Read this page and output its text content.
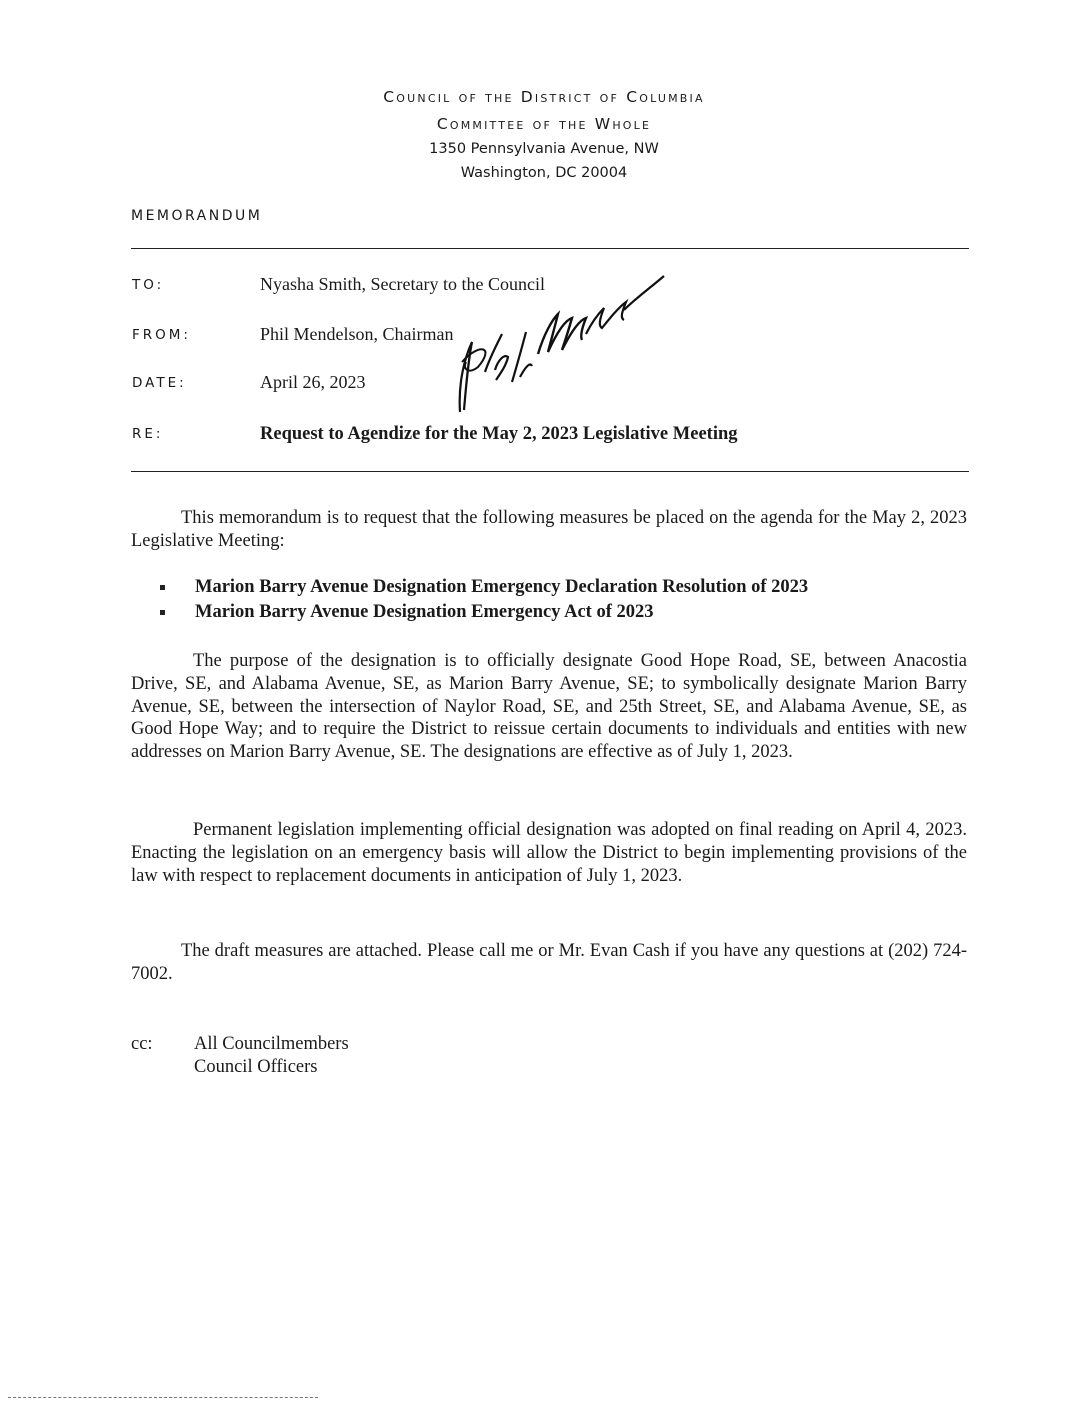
Council of the District of Columbia
Committee of the Whole
1350 Pennsylvania Avenue, NW
Washington, DC 20004
MEMORANDUM
TO:	Nyasha Smith, Secretary to the Council
FROM:	Phil Mendelson, Chairman
DATE:	April 26, 2023
RE:	Request to Agendize for the May 2, 2023 Legislative Meeting
This memorandum is to request that the following measures be placed on the agenda for the May 2, 2023 Legislative Meeting:
Marion Barry Avenue Designation Emergency Declaration Resolution of 2023
Marion Barry Avenue Designation Emergency Act of 2023
The purpose of the designation is to officially designate Good Hope Road, SE, between Anacostia Drive, SE, and Alabama Avenue, SE, as Marion Barry Avenue, SE; to symbolically designate Marion Barry Avenue, SE, between the intersection of Naylor Road, SE, and 25th Street, SE, and Alabama Avenue, SE, as Good Hope Way; and to require the District to reissue certain documents to individuals and entities with new addresses on Marion Barry Avenue, SE. The designations are effective as of July 1, 2023.
Permanent legislation implementing official designation was adopted on final reading on April 4, 2023. Enacting the legislation on an emergency basis will allow the District to begin implementing provisions of the law with respect to replacement documents in anticipation of July 1, 2023.
The draft measures are attached. Please call me or Mr. Evan Cash if you have any questions at (202) 724-7002.
cc: All Councilmembers
Council Officers
